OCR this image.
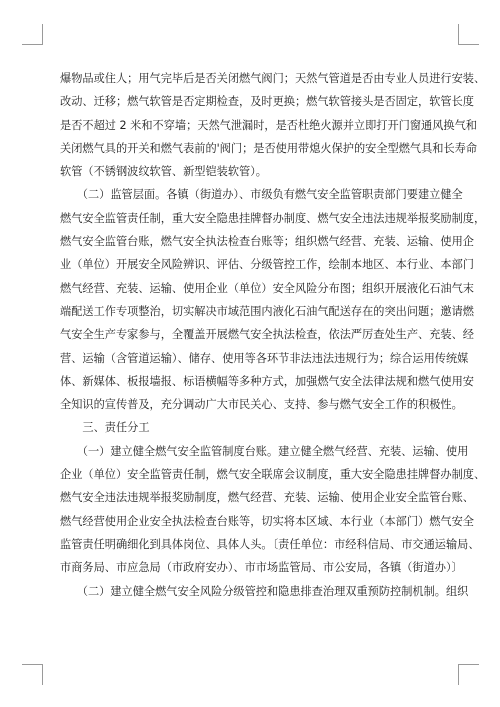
爆物品或住人；用气完毕后是否关闭燃气阀门；天然气管道是否由专业人员进行安装、
改动、迁移；燃气软管是否定期检查，及时更换；燃气软管接头是否固定，软管长度
是否不超过 2 米和不穿墙；天然气泄漏时，是否杜绝火源并立即打开门窗通风换气和
关闭燃气具的开关和燃气表前的'阀门；是否使用带熄火保护的安全型燃气具和长寿命
软管（不锈钢波纹软管、新型铠装软管）。
　　（二）监管层面。各镇（街道办）、市级负有燃气安全监管职责部门要建立健全
燃气安全监管责任制，重大安全隐患挂牌督办制度、燃气安全违法违规举报奖励制度，
燃气安全监管台账，燃气安全执法检查台账等；组织燃气经营、充装、运输、使用企
业（单位）开展安全风险辨识、评估、分级管控工作，绘制本地区、本行业、本部门
燃气经营、充装、运输、使用企业（单位）安全风险分布图；组织开展液化石油气末
端配送工作专项整治，切实解决市域范围内液化石油气配送存在的突出问题；邀请燃
气安全生产专家参与，全覆盖开展燃气安全执法检查，依法严厉查处生产、充装、经
营、运输（含管道运输）、储存、使用等各环节非法违法违规行为；综合运用传统媒
体、新媒体、板报墙报、标语横幅等多种方式，加强燃气安全法律法规和燃气使用安
全知识的宣传普及，充分调动广大市民关心、支持、参与燃气安全工作的积极性。
　　三、责任分工
　　（一）建立健全燃气安全监管制度台账。建立健全燃气经营、充装、运输、使用
企业（单位）安全监管责任制，燃气安全联席会议制度，重大安全隐患挂牌督办制度、
燃气安全违法违规举报奖励制度，燃气经营、充装、运输、使用企业安全监管台账、
燃气经营使用企业安全执法检查台账等，切实将本区域、本行业（本部门）燃气安全
监管责任明确细化到具体岗位、具体人头。〔责任单位：市经科信局、市交通运输局、
市商务局、市应急局（市政府安办）、市市场监管局、市公安局，各镇（街道办）〕
　　（二）建立健全燃气安全风险分级管控和隐患排查治理双重预防控制机制。组织
